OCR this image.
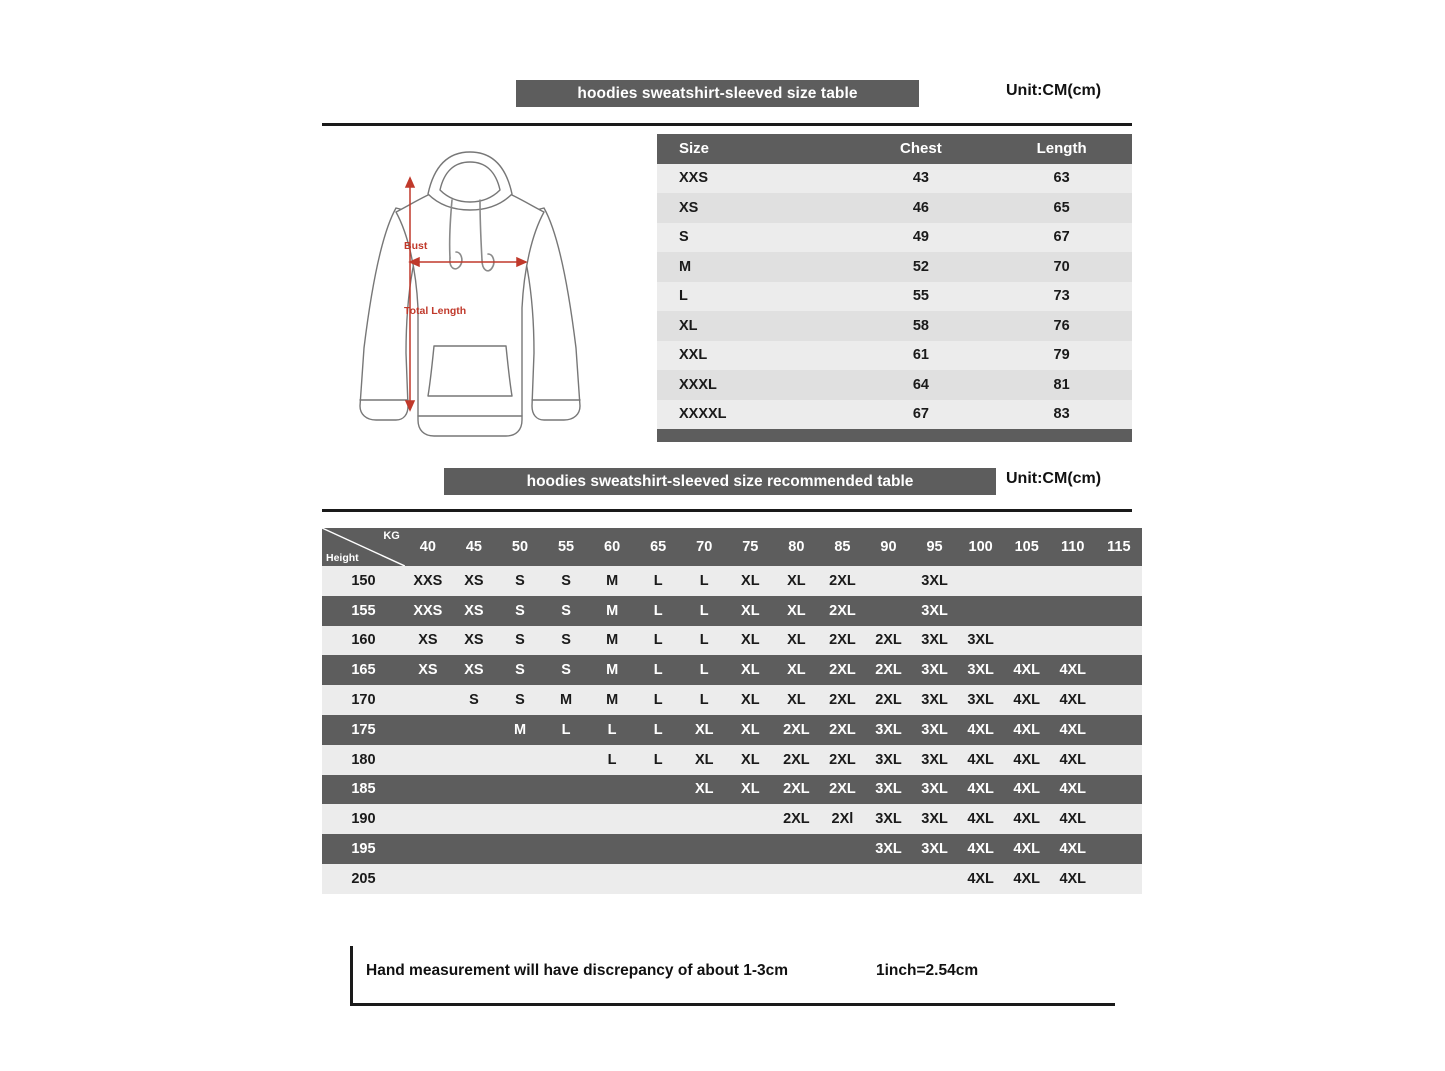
hoodies sweatshirt-sleeved size table	Unit:CM(cm)
Bust
Total Length
Size	Chest	Length
XXS	43	63
XS	46	65
S	49	67
M	52	70
L	55	73
XL	58	76
XXL	61	79
XXXL	64	81
XXXXL	67	83
hoodies sweatshirt-sleeved size recommended table	Unit:CM(cm)
KG
Height	40	45	50	55	60	65	70	75	80	85	90	95	100	105	110	115
150	XXS	XS	S	S	M	L	L	XL	XL	2XL		3XL				
155	XXS	XS	S	S	M	L	L	XL	XL	2XL		3XL				
160	XS	XS	S	S	M	L	L	XL	XL	2XL	2XL	3XL	3XL			
165	XS	XS	S	S	M	L	L	XL	XL	2XL	2XL	3XL	3XL	4XL	4XL	
170		S	S	M	M	L	L	XL	XL	2XL	2XL	3XL	3XL	4XL	4XL	
175			M	L	L	L	XL	XL	2XL	2XL	3XL	3XL	4XL	4XL	4XL	
180					L	L	XL	XL	2XL	2XL	3XL	3XL	4XL	4XL	4XL	
185							XL	XL	2XL	2XL	3XL	3XL	4XL	4XL	4XL	
190									2XL	2Xl	3XL	3XL	4XL	4XL	4XL	
195											3XL	3XL	4XL	4XL	4XL	
205													4XL	4XL	4XL	
Hand measurement will have discrepancy of about 1-3cm	1inch=2.54cm
